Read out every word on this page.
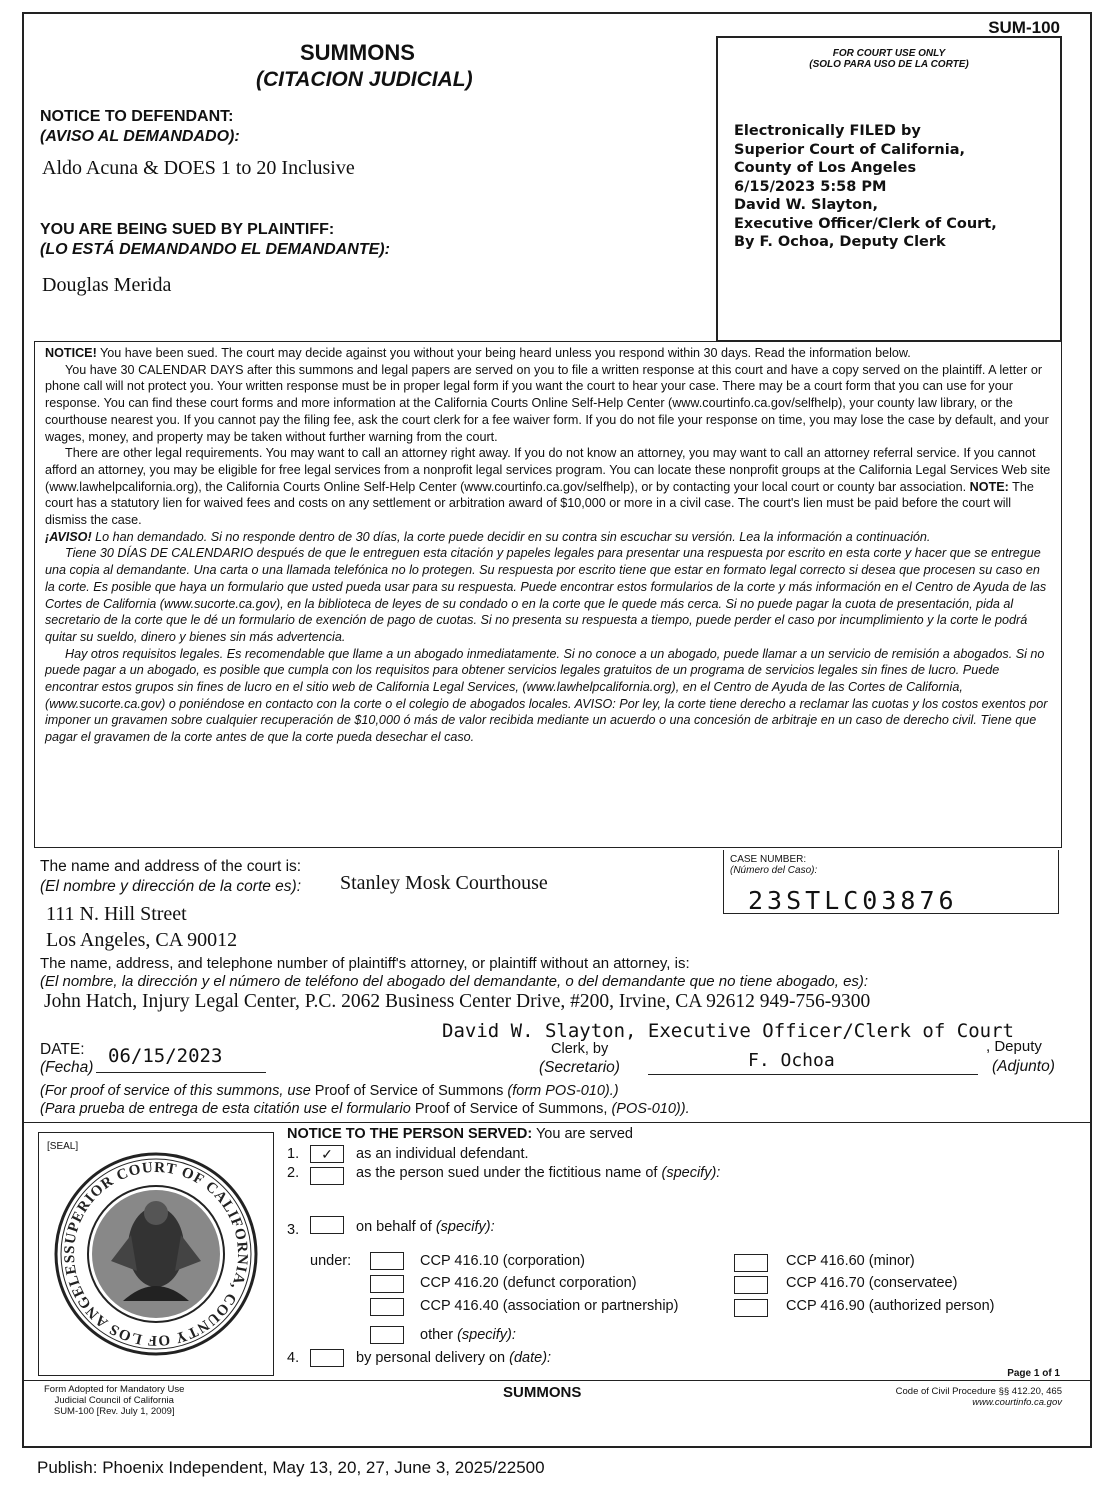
SUM-100
SUMMONS
(CITACION JUDICIAL)
NOTICE TO DEFENDANT:
(AVISO AL DEMANDADO):
Aldo Acuna & DOES 1 to 20 Inclusive
YOU ARE BEING SUED BY PLAINTIFF:
(LO ESTÁ DEMANDANDO EL DEMANDANTE):
Douglas Merida
FOR COURT USE ONLY
(SOLO PARA USO DE LA CORTE)
Electronically FILED by
Superior Court of California,
County of Los Angeles
6/15/2023 5:58 PM
David W. Slayton,
Executive Officer/Clerk of Court,
By F. Ochoa, Deputy Clerk

NOTICE! You have been sued. The court may decide against you without your being heard unless you respond within 30 days. Read the information below.

You have 30 CALENDAR DAYS after this summons and legal papers are served on you to file a written response at this court and have a copy served on the plaintiff. A letter or phone call will not protect you. Your written response must be in proper legal form if you want the court to hear your case. There may be a court form that you can use for your response. You can find these court forms and more information at the California Courts Online Self-Help Center (www.courtinfo.ca.gov/selfhelp), your county law library, or the courthouse nearest you. If you cannot pay the filing fee, ask the court clerk for a fee waiver form. If you do not file your response on time, you may lose the case by default, and your wages, money, and property may be taken without further warning from the court.

There are other legal requirements. You may want to call an attorney right away. If you do not know an attorney, you may want to call an attorney referral service. If you cannot afford an attorney, you may be eligible for free legal services from a nonprofit legal services program. You can locate these nonprofit groups at the California Legal Services Web site (www.lawhelpcalifornia.org), the California Courts Online Self-Help Center (www.courtinfo.ca.gov/selfhelp), or by contacting your local court or county bar association. NOTE: The court has a statutory lien for waived fees and costs on any settlement or arbitration award of $10,000 or more in a civil case. The court's lien must be paid before the court will dismiss the case.

¡AVISO! Lo han demandado. Si no responde dentro de 30 días, la corte puede decidir en su contra sin escuchar su versión. Lea la información a continuación.

Tiene 30 DÍAS DE CALENDARIO después de que le entreguen esta citación y papeles legales para presentar una respuesta por escrito en esta corte y hacer que se entregue una copia al demandante. Una carta o una llamada telefónica no lo protegen. Su respuesta por escrito tiene que estar en formato legal correcto si desea que procesen su caso en la corte. Es posible que haya un formulario que usted pueda usar para su respuesta. Puede encontrar estos formularios de la corte y más información en el Centro de Ayuda de las Cortes de California (www.sucorte.ca.gov), en la biblioteca de leyes de su condado o en la corte que le quede más cerca. Si no puede pagar la cuota de presentación, pida al secretario de la corte que le dé un formulario de exención de pago de cuotas. Si no presenta su respuesta a tiempo, puede perder el caso por incumplimiento y la corte le podrá quitar su sueldo, dinero y bienes sin más advertencia.

Hay otros requisitos legales. Es recomendable que llame a un abogado inmediatamente. Si no conoce a un abogado, puede llamar a un servicio de remisión a abogados. Si no puede pagar a un abogado, es posible que cumpla con los requisitos para obtener servicios legales gratuitos de un programa de servicios legales sin fines de lucro. Puede encontrar estos grupos sin fines de lucro en el sitio web de California Legal Services, (www.lawhelpcalifornia.org), en el Centro de Ayuda de las Cortes de California, (www.sucorte.ca.gov) o poniéndose en contacto con la corte o el colegio de abogados locales. AVISO: Por ley, la corte tiene derecho a reclamar las cuotas y los costos exentos por imponer un gravamen sobre cualquier recuperación de $10,000 ó más de valor recibida mediante un acuerdo o una concesión de arbitraje en un caso de derecho civil. Tiene que pagar el gravamen de la corte antes de que la corte pueda desechar el caso.

The name and address of the court is:
(El nombre y dirección de la corte es): Stanley Mosk Courthouse
111 N. Hill Street
Los Angeles, CA 90012
CASE NUMBER:
(Número del Caso):
23STLC03876
The name, address, and telephone number of plaintiff's attorney, or plaintiff without an attorney, is:
(El nombre, la dirección y el número de teléfono del abogado del demandante, o del demandante que no tiene abogado, es):
John Hatch, Injury Legal Center, P.C. 2062 Business Center Drive, #200, Irvine, CA 92612 949-756-9300
DATE:
(Fecha)
06/15/2023
David W. Slayton, Executive Officer/Clerk of Court
Clerk, by
(Secretario)	F. Ochoa
, Deputy
(Adjunto)
(For proof of service of this summons, use Proof of Service of Summons (form POS-010).)
(Para prueba de entrega de esta citatión use el formulario Proof of Service of Summons, (POS-010)).
[SEAL]
SUPERIOR COURT OF CALIFORNIA, COUNTY OF LOS ANGELES
NOTICE TO THE PERSON SERVED: You are served
1.	✓	as an individual defendant.
2.	as the person sued under the fictitious name of (specify):
3.	on behalf of (specify):
under:	CCP 416.10 (corporation)
CCP 416.20 (defunct corporation)
CCP 416.40 (association or partnership)
CCP 416.60 (minor)
CCP 416.70 (conservatee)
CCP 416.90 (authorized person)
other (specify):
4.	by personal delivery on (date):
Page 1 of 1
Form Adopted for Mandatory Use
Judicial Council of California
SUM-100 [Rev. July 1, 2009]
SUMMONS	Code of Civil Procedure §§ 412.20, 465
www.courtinfo.ca.gov
Publish: Phoenix Independent, May 13, 20, 27, June 3, 2025/22500
